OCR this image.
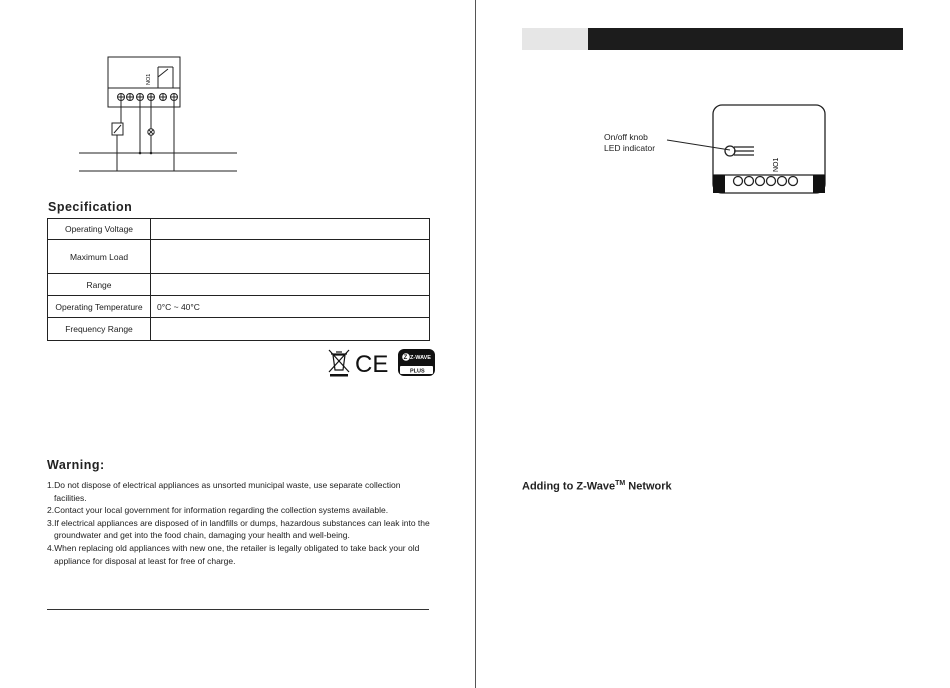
NO1
Specification
Operating Voltage	
Maximum Load	
Range	
Operating Temperature	0°C ~ 40°C
Frequency Range	
CE	Z Z-WAVE
PLUS
Warning:
1.Do not dispose of electrical appliances as unsorted municipal waste, use separate collection facilities.
2.Contact your local government for information regarding the collection systems available.
3.If electrical appliances are disposed of in landfills or dumps, hazardous substances can leak into the groundwater and get into the food chain, damaging your health and well-being.
4.When replacing old appliances with new one, the retailer is legally obligated to take back your old appliance for disposal at least for free of charge.
NO1
On/off knob
LED indicator
Adding to Z-Wave™ Network
